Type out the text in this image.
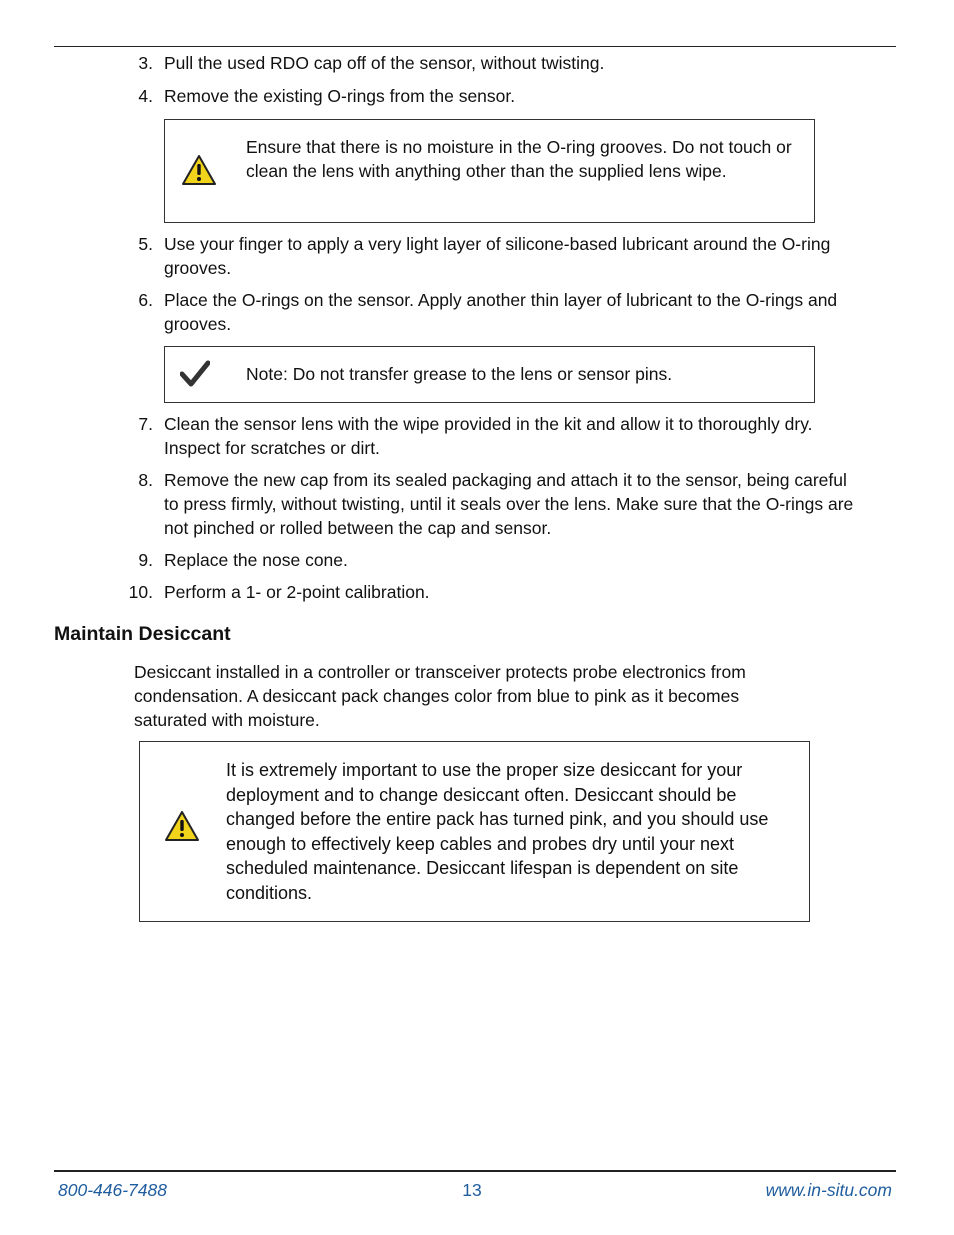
3. Pull the used RDO cap off of the sensor, without twisting.
4. Remove the existing O-rings from the sensor.
Ensure that there is no moisture in the O-ring grooves. Do not touch or clean the lens with anything other than the supplied lens wipe.
5. Use your finger to apply a very light layer of silicone-based lubricant around the O-ring grooves.
6. Place the O-rings on the sensor. Apply another thin layer of lubricant to the O-rings and grooves.
Note: Do not transfer grease to the lens or sensor pins.
7. Clean the sensor lens with the wipe provided in the kit and allow it to thoroughly dry. Inspect for scratches or dirt.
8. Remove the new cap from its sealed packaging and attach it to the sensor, being careful to press firmly, without twisting, until it seals over the lens. Make sure that the O-rings are not pinched or rolled between the cap and sensor.
9. Replace the nose cone.
10. Perform a 1- or 2-point calibration.
Maintain Desiccant
Desiccant installed in a controller or transceiver protects probe electronics from condensation. A desiccant pack changes color from blue to pink as it becomes saturated with moisture.
It is extremely important to use the proper size desiccant for your deployment and to change desiccant often. Desiccant should be changed before the entire pack has turned pink, and you should use enough to effectively keep cables and probes dry until your next scheduled maintenance. Desiccant lifespan is dependent on site conditions.
800-446-7488	13	www.in-situ.com
